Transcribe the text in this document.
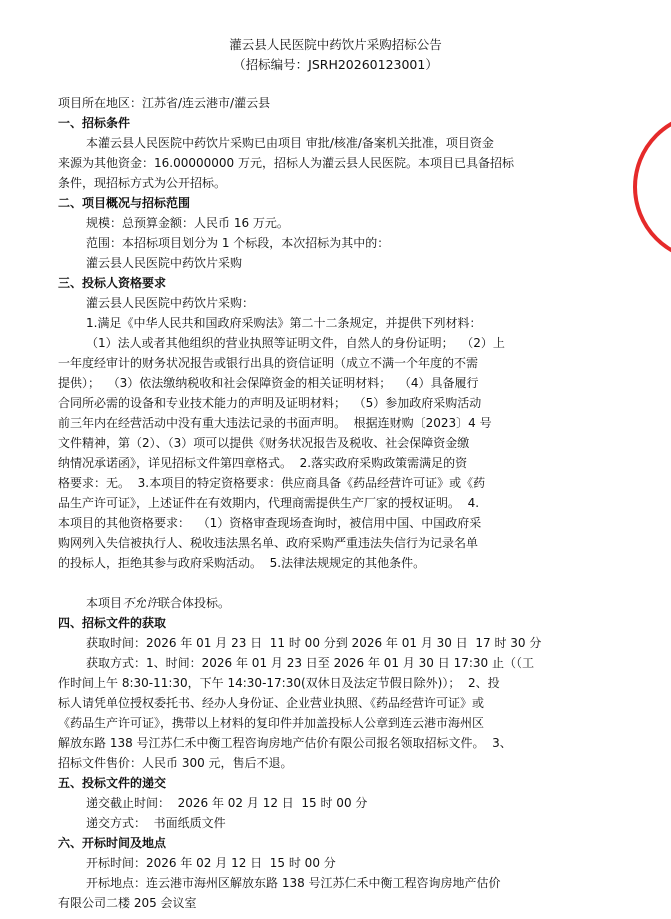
灌云县人民医院中药饮片采购招标公告
（招标编号：JSRH20260123001）
项目所在地区：江苏省/连云港市/灌云县
一、招标条件
本灌云县人民医院中药饮片采购已由项目 审批/核准/备案机关批准，项目资金
来源为其他资金：16.00000000 万元，招标人为灌云县人民医院。本项目已具备招标
条件，现招标方式为公开招标。
二、项目概况与招标范围
规模：总预算金额：人民币 16 万元。
范围：本招标项目划分为 1 个标段，本次招标为其中的：
灌云县人民医院中药饮片采购
三、投标人资格要求
灌云县人民医院中药饮片采购：
1.满足《中华人民共和国政府采购法》第二十二条规定，并提供下列材料：
（1）法人或者其他组织的营业执照等证明文件，自然人的身份证明；  （2）上
一年度经审计的财务状况报告或银行出具的资信证明（成立不满一个年度的不需
提供）；  （3）依法缴纳税收和社会保障资金的相关证明材料；  （4）具备履行
合同所必需的设备和专业技术能力的声明及证明材料；  （5）参加政府采购活动
前三年内在经营活动中没有重大违法记录的书面声明。  根据连财购〔2023〕4 号
文件精神，第（2）、（3）项可以提供《财务状况报告及税收、社会保障资金缴
纳情况承诺函》，详见招标文件第四章格式。  2.落实政府采购政策需满足的资
格要求：无。  3.本项目的特定资格要求：供应商具备《药品经营许可证》或《药
品生产许可证》，上述证件在有效期内，代理商需提供生产厂家的授权证明。  4.
本项目的其他资格要求：  （1）资格审查现场查询时，被信用中国、中国政府采
购网列入失信被执行人、税收违法黑名单、政府采购严重违法失信行为记录名单
的投标人，拒绝其参与政府采购活动。  5.法律法规规定的其他条件。
本项目不允许联合体投标。
四、招标文件的获取
获取时间：2026 年 01 月 23 日  11 时 00 分到 2026 年 01 月 30 日  17 时 30 分
获取方式：1、时间：2026 年 01 月 23 日至 2026 年 01 月 30 日 17:30 止（（工
作时间上午 8:30-11:30，下午 14:30-17:30(双休日及法定节假日除外)）；  2、投
标人请凭单位授权委托书、经办人身份证、企业营业执照、《药品经营许可证》或
《药品生产许可证》，携带以上材料的复印件并加盖投标人公章到连云港市海州区
解放东路 138 号江苏仁禾中衡工程咨询房地产估价有限公司报名领取招标文件。  3、
招标文件售价：人民币 300 元，售后不退。
五、投标文件的递交
递交截止时间：  2026 年 02 月 12 日  15 时 00 分
递交方式：  书面纸质文件
六、开标时间及地点
开标时间：2026 年 02 月 12 日  15 时 00 分
开标地点：连云港市海州区解放东路 138 号江苏仁禾中衡工程咨询房地产估价
有限公司二楼 205 会议室
